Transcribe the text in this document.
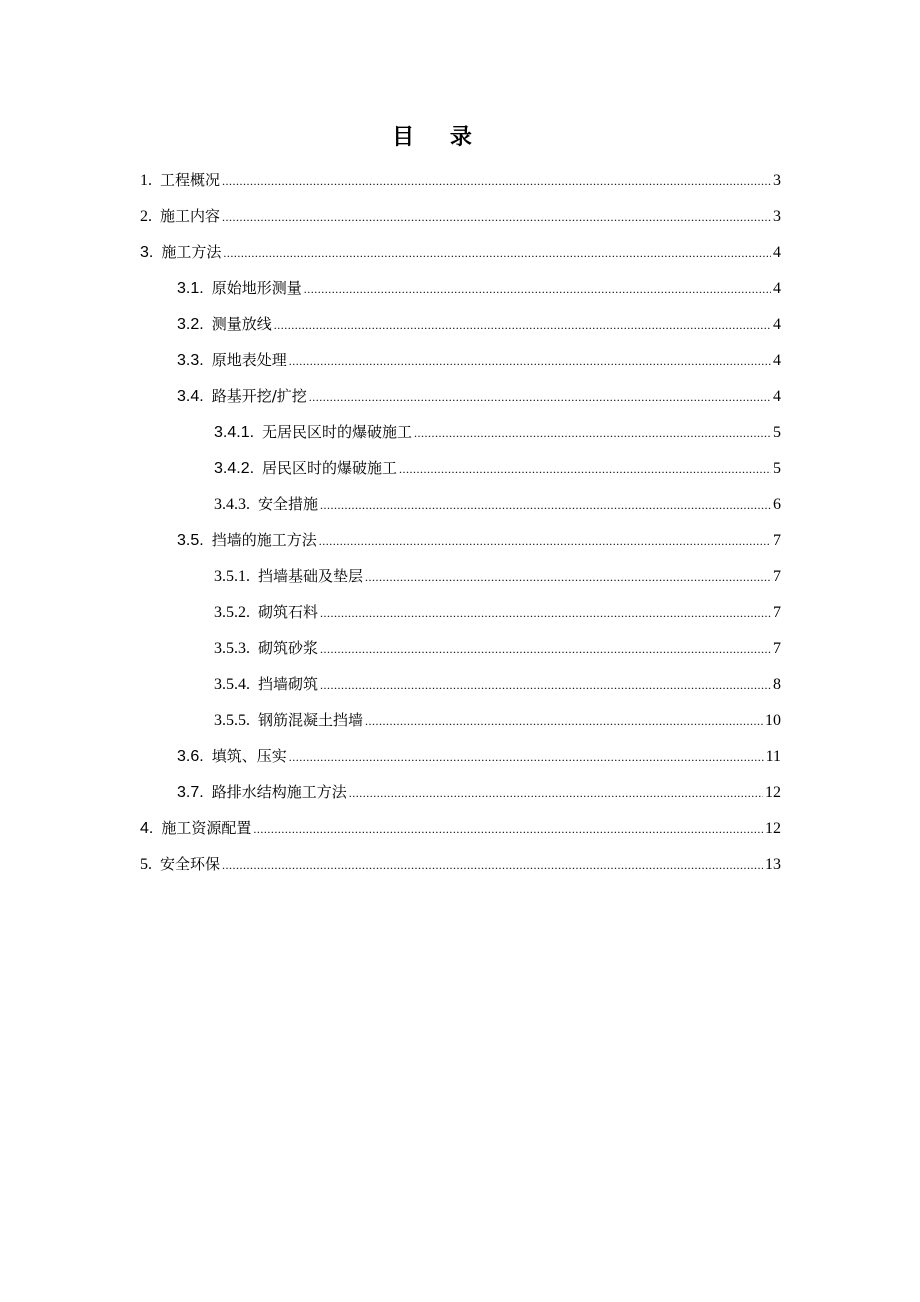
目 录
1. 工程概况 .....	3
2. 施工内容 .....	3
3. 施工方法 .....	4
3.1. 原始地形测量 .....	4
3.2. 测量放线 .....	4
3.3. 原地表处理 .....	4
3.4. 路基开挖/扩挖 .....	4
3.4.1. 无居民区时的爆破施工 .....	5
3.4.2. 居民区时的爆破施工 .....	5
3.4.3. 安全措施 .....	6
3.5. 挡墙的施工方法 .....	7
3.5.1. 挡墙基础及垫层 .....	7
3.5.2. 砌筑石料 .....	7
3.5.3. 砌筑砂浆 .....	7
3.5.4. 挡墙砌筑 .....	8
3.5.5. 钢筋混凝土挡墙 .....	10
3.6. 填筑、压实 .....	11
3.7. 路排水结构施工方法 .....	12
4. 施工资源配置 .....	12
5. 安全环保 .....	13
